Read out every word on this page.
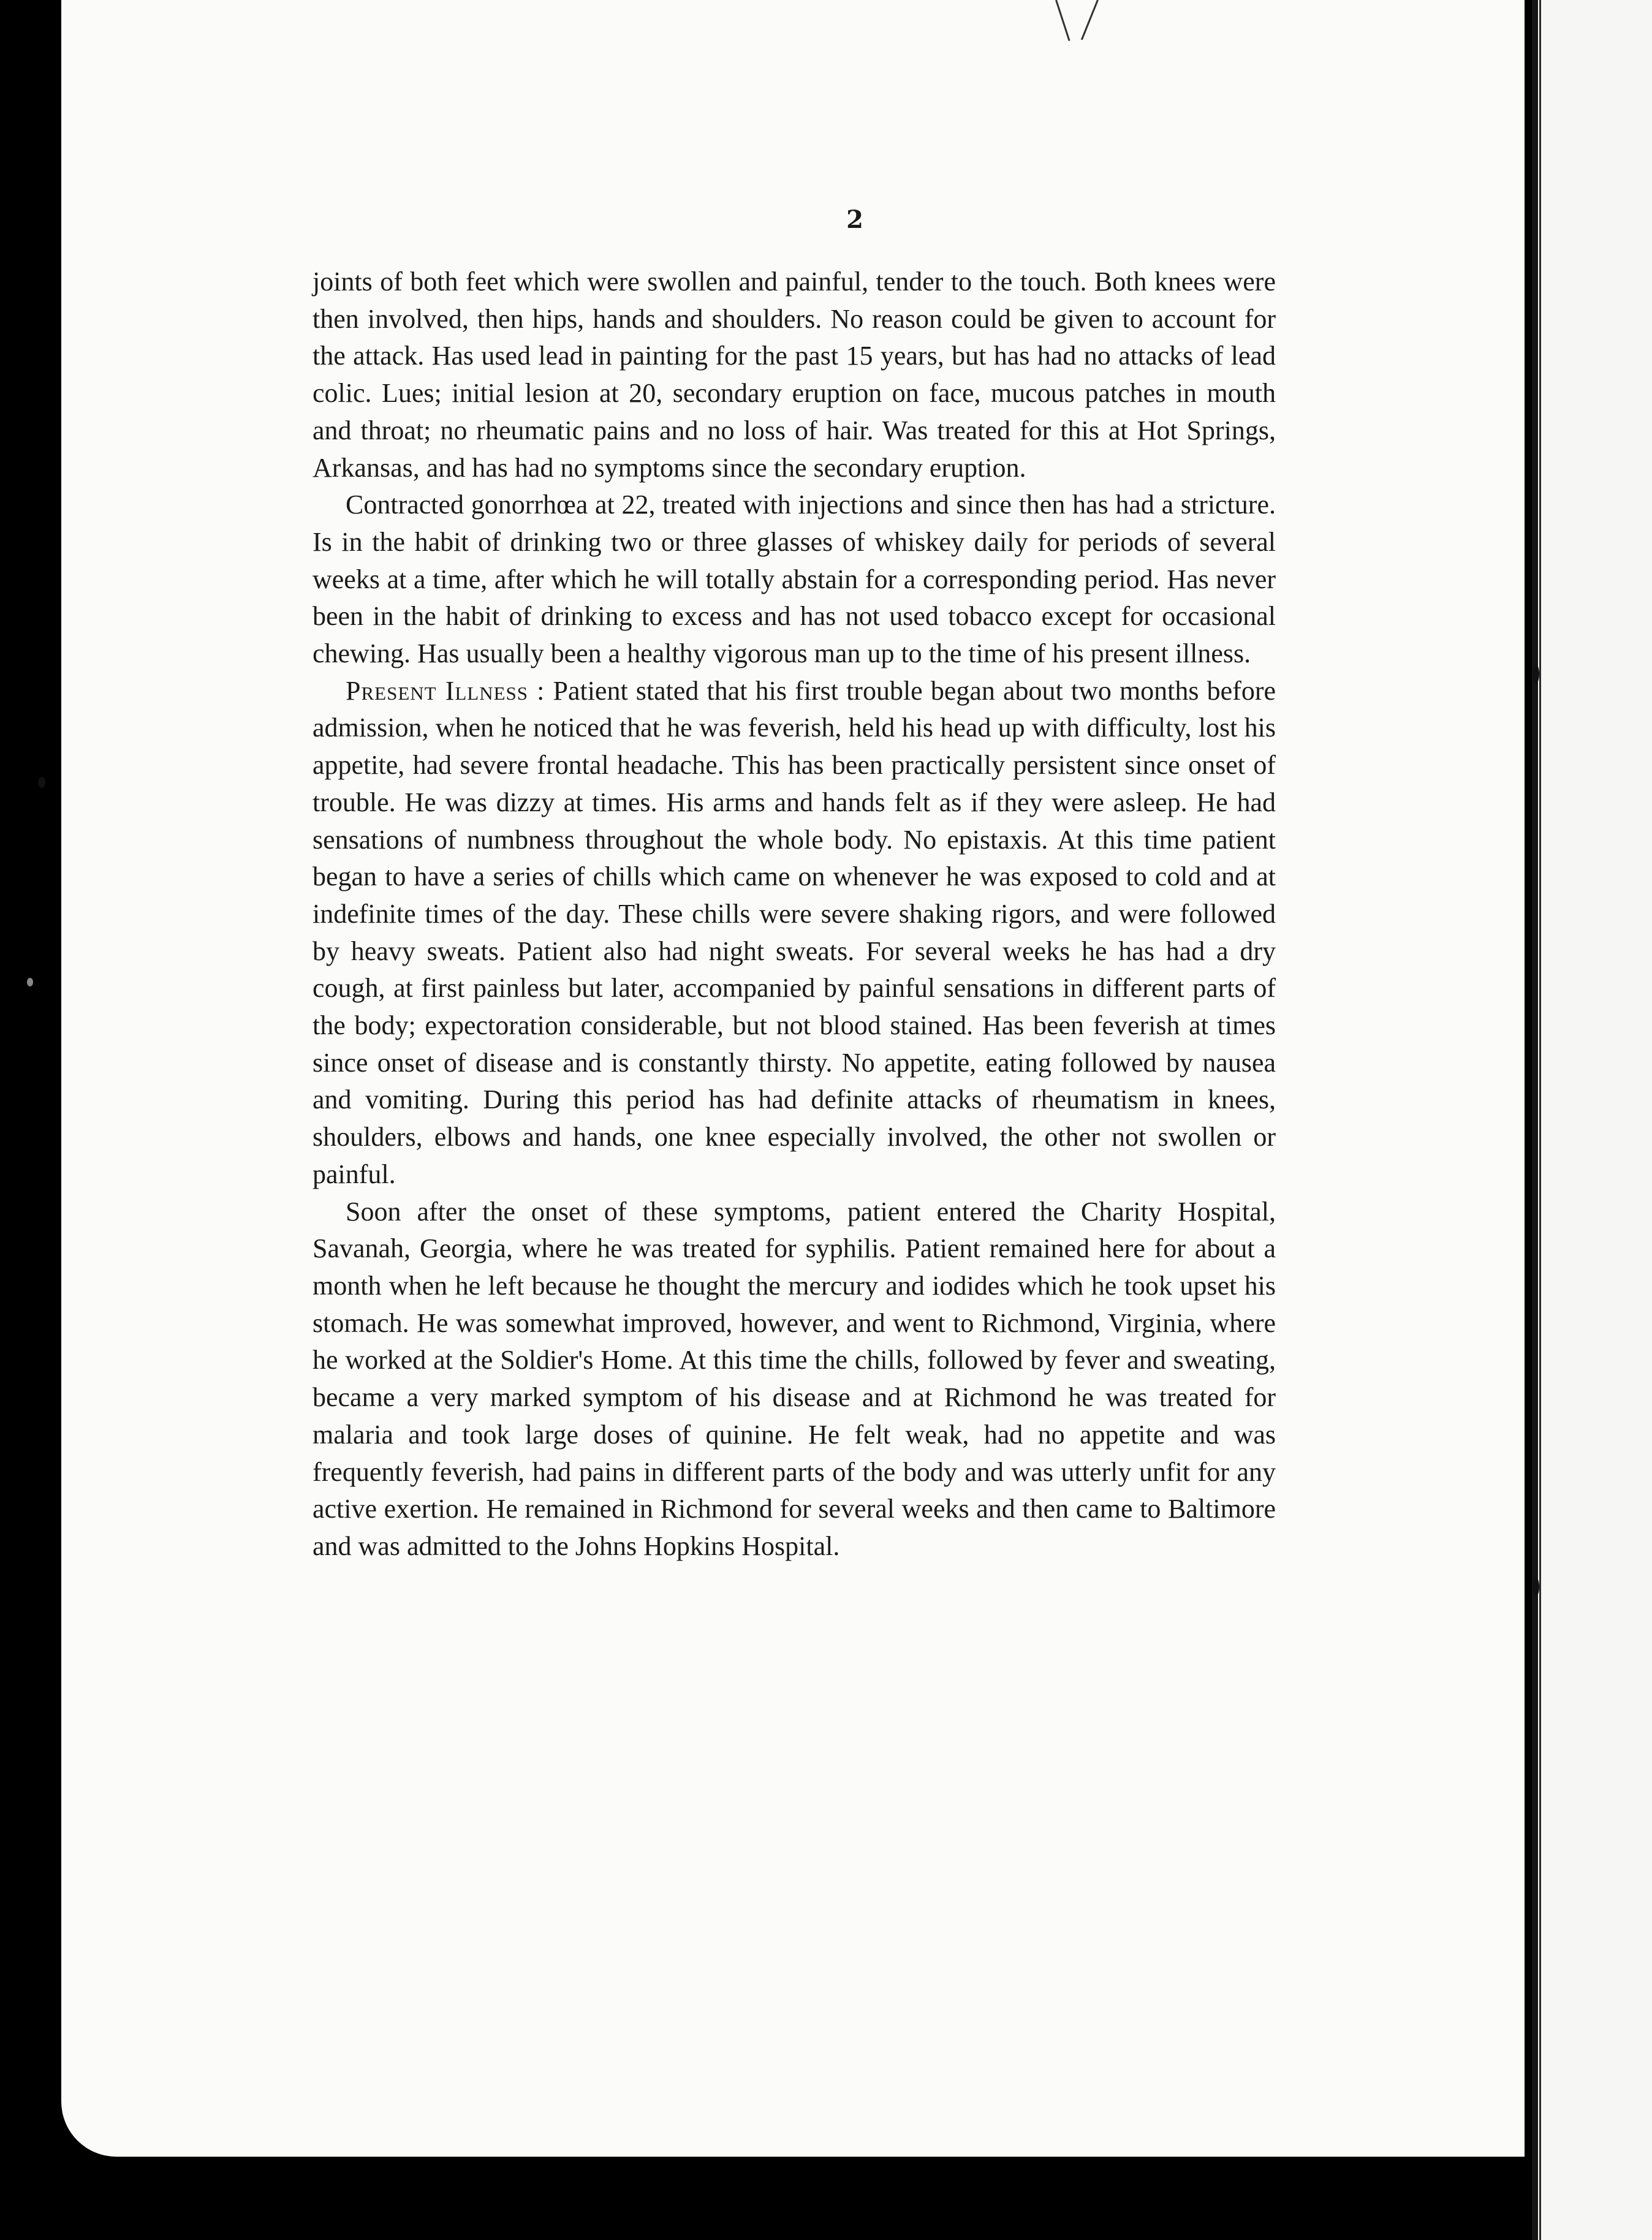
2

joints of both feet which were swollen and painful, tender to the touch. Both knees were then involved, then hips, hands and shoulders. No reason could be given to account for the attack. Has used lead in painting for the past 15 years, but has had no attacks of lead colic. Lues; initial lesion at 20, secondary eruption on face, mucous patches in mouth and throat; no rheumatic pains and no loss of hair. Was treated for this at Hot Springs, Arkansas, and has had no symptoms since the secondary eruption.

Contracted gonorrhœa at 22, treated with injections and since then has had a stricture. Is in the habit of drinking two or three glasses of whiskey daily for periods of several weeks at a time, after which he will totally abstain for a corresponding period. Has never been in the habit of drinking to excess and has not used tobacco except for occasional chewing. Has usually been a healthy vigorous man up to the time of his present illness.

Present Illness : Patient stated that his first trouble began about two months before admission, when he noticed that he was feverish, held his head up with difficulty, lost his appetite, had severe frontal headache. This has been practically persistent since onset of trouble. He was dizzy at times. His arms and hands felt as if they were asleep. He had sensations of numbness throughout the whole body. No epistaxis. At this time patient began to have a series of chills which came on whenever he was exposed to cold and at indefinite times of the day. These chills were severe shaking rigors, and were followed by heavy sweats. Patient also had night sweats. For several weeks he has had a dry cough, at first painless but later, accompanied by painful sensations in different parts of the body; expectoration considerable, but not blood stained. Has been feverish at times since onset of disease and is constantly thirsty. No appetite, eating followed by nausea and vomiting. During this period has had definite attacks of rheumatism in knees, shoulders, elbows and hands, one knee especially involved, the other not swollen or painful.

Soon after the onset of these symptoms, patient entered the Charity Hospital, Savanah, Georgia, where he was treated for syphilis. Patient remained here for about a month when he left because he thought the mercury and iodides which he took upset his stomach. He was somewhat improved, however, and went to Richmond, Virginia, where he worked at the Soldier's Home. At this time the chills, followed by fever and sweating, became a very marked symptom of his disease and at Richmond he was treated for malaria and took large doses of quinine. He felt weak, had no appetite and was frequently feverish, had pains in different parts of the body and was utterly unfit for any active exertion. He remained in Richmond for several weeks and then came to Baltimore and was admitted to the Johns Hopkins Hospital.
